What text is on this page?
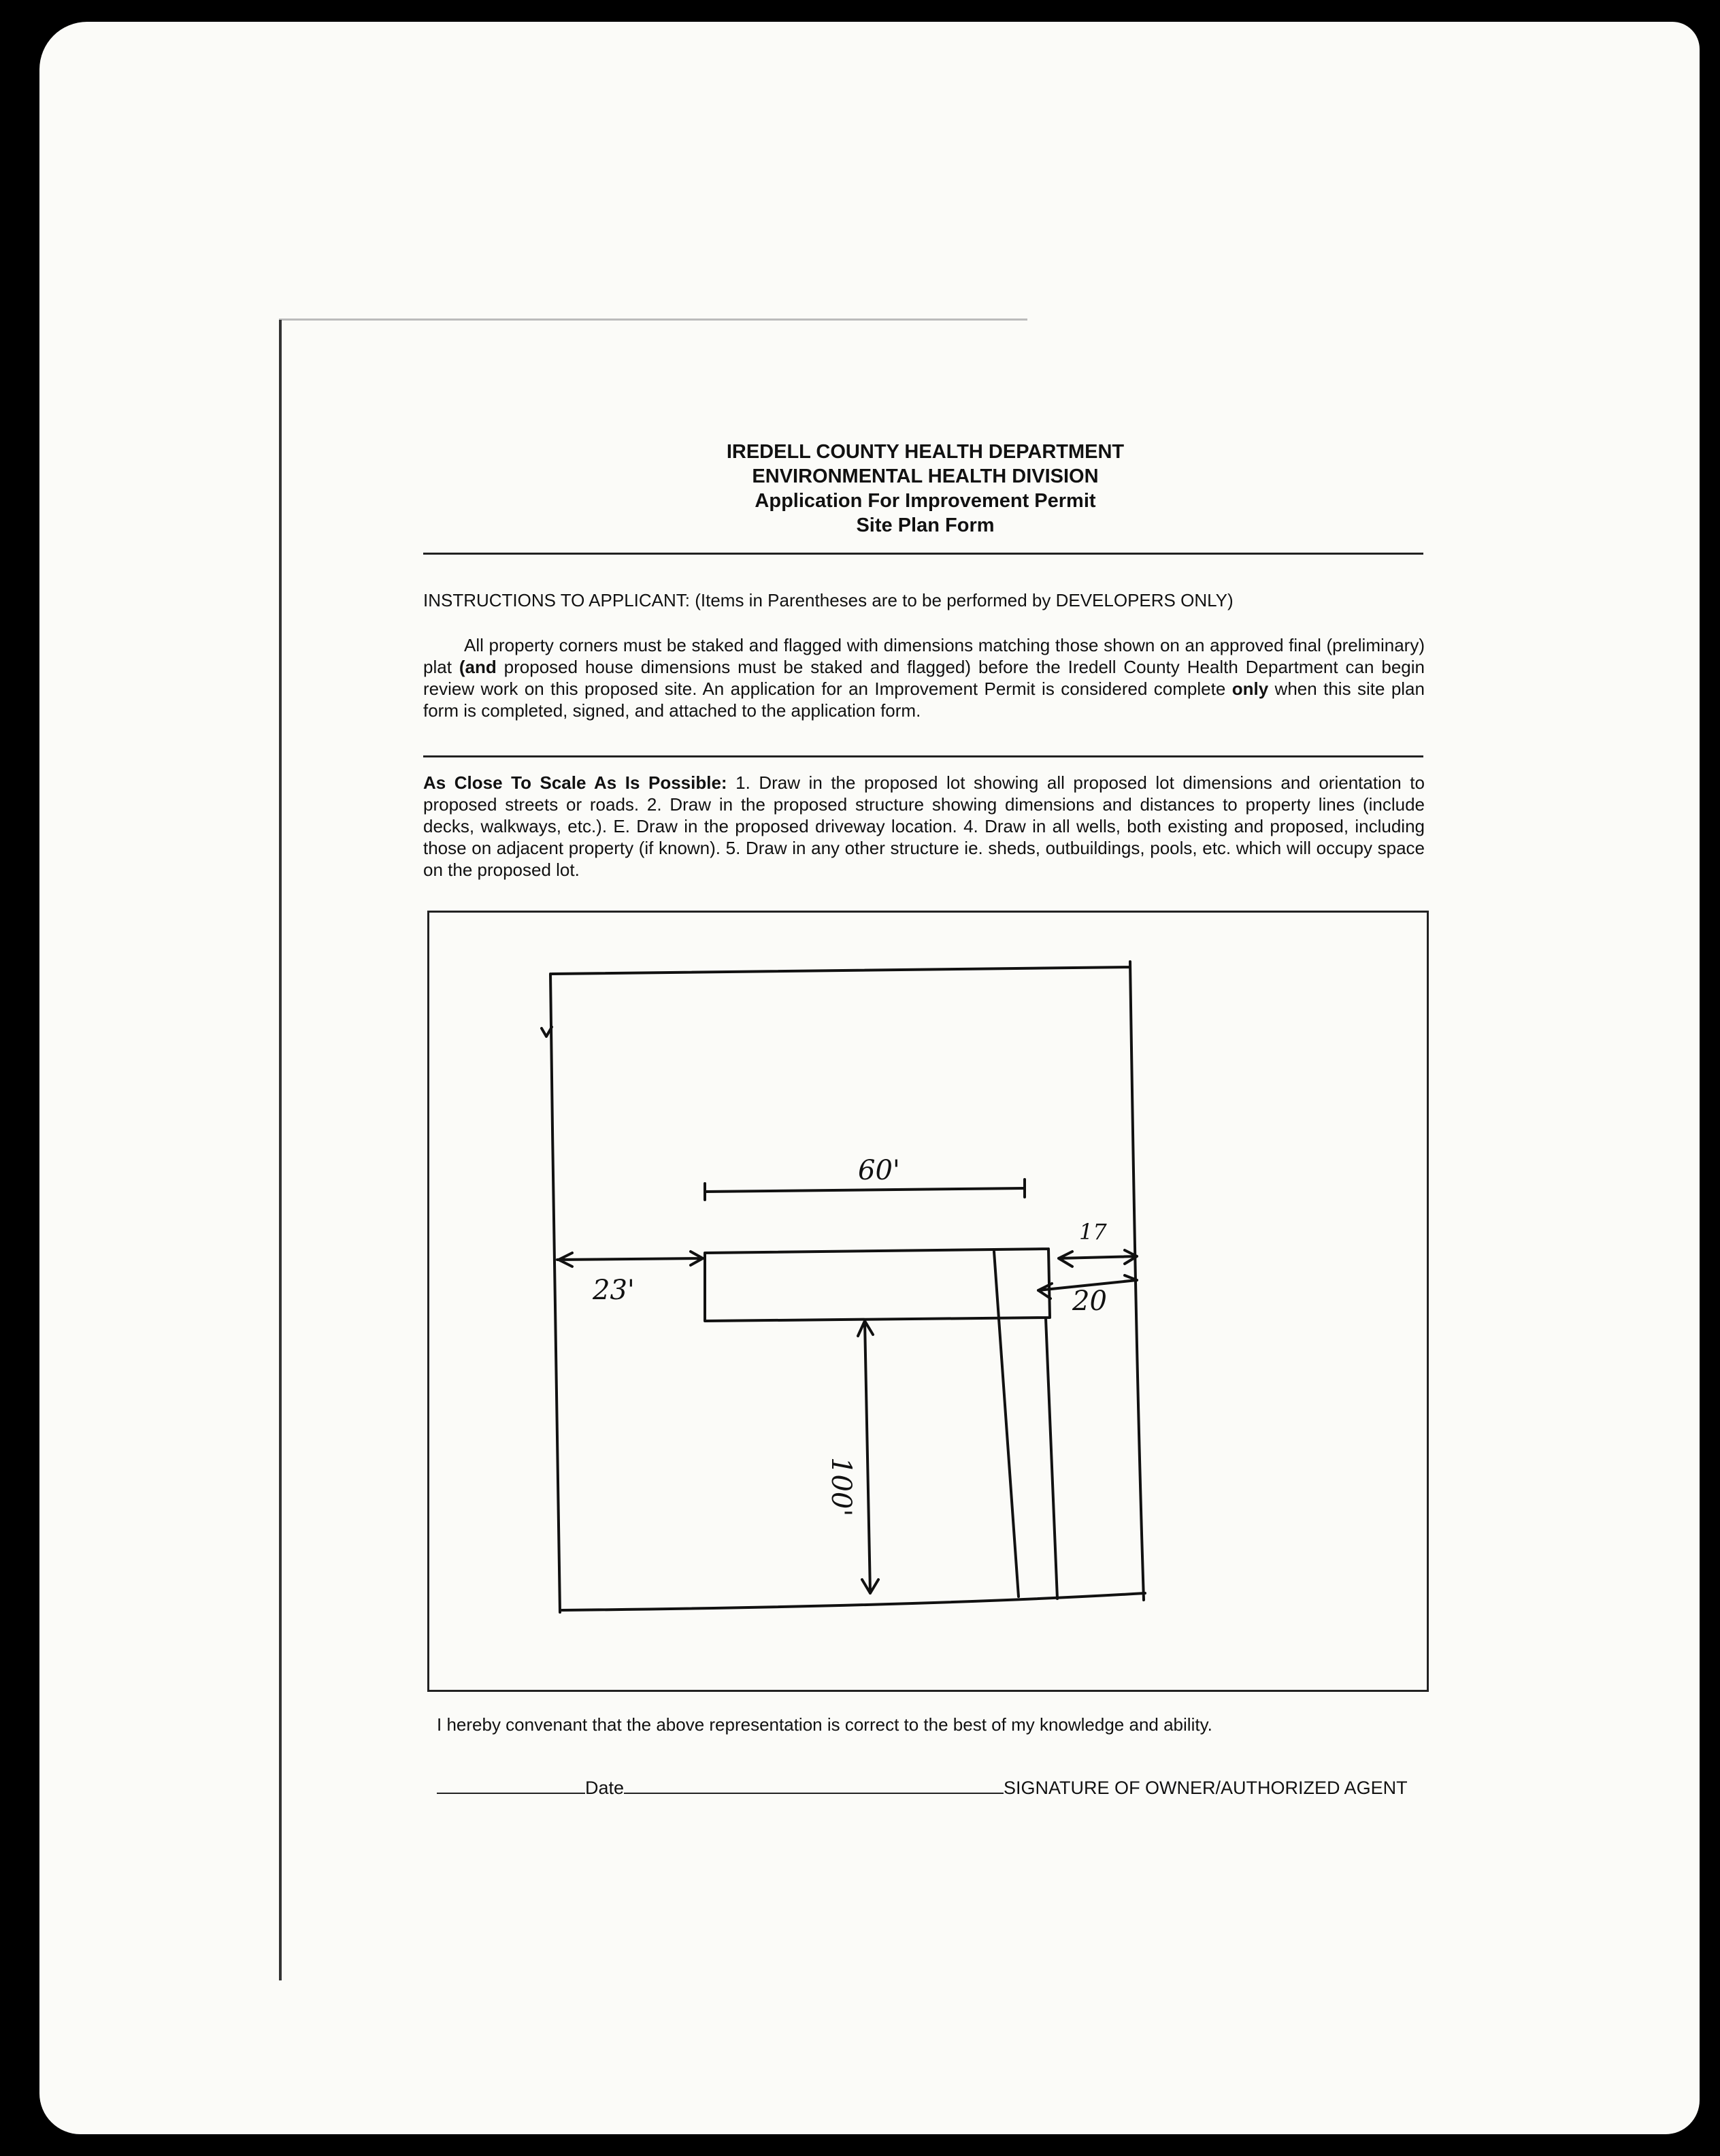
IREDELL COUNTY HEALTH DEPARTMENT

ENVIRONMENTAL HEALTH DIVISION

Application For Improvement Permit

Site Plan Form

INSTRUCTIONS TO APPLICANT: (Items in Parentheses are to be performed by DEVELOPERS ONLY)

All property corners must be staked and flagged with dimensions matching those shown on an approved final (preliminary) plat (and proposed house dimensions must be staked and flagged) before the Iredell County Health Department can begin review work on this proposed site. An application for an Improvement Permit is considered complete only when this site plan form is completed, signed, and attached to the application form.

As Close To Scale As Is Possible: 1. Draw in the proposed lot showing all proposed lot dimensions and orientation to proposed streets or roads. 2. Draw in the proposed structure showing dimensions and distances to property lines (include decks, walkways, etc.). E. Draw in the proposed driveway location. 4. Draw in all wells, both existing and proposed, including those on adjacent property (if known). 5. Draw in any other structure ie. sheds, outbuildings, pools, etc. which will occupy space on the proposed lot.

60'
23'
17
20
100'

I hereby convenant that the above representation is correct to the best of my knowledge and ability.

Date	SIGNATURE OF OWNER/AUTHORIZED AGENT
